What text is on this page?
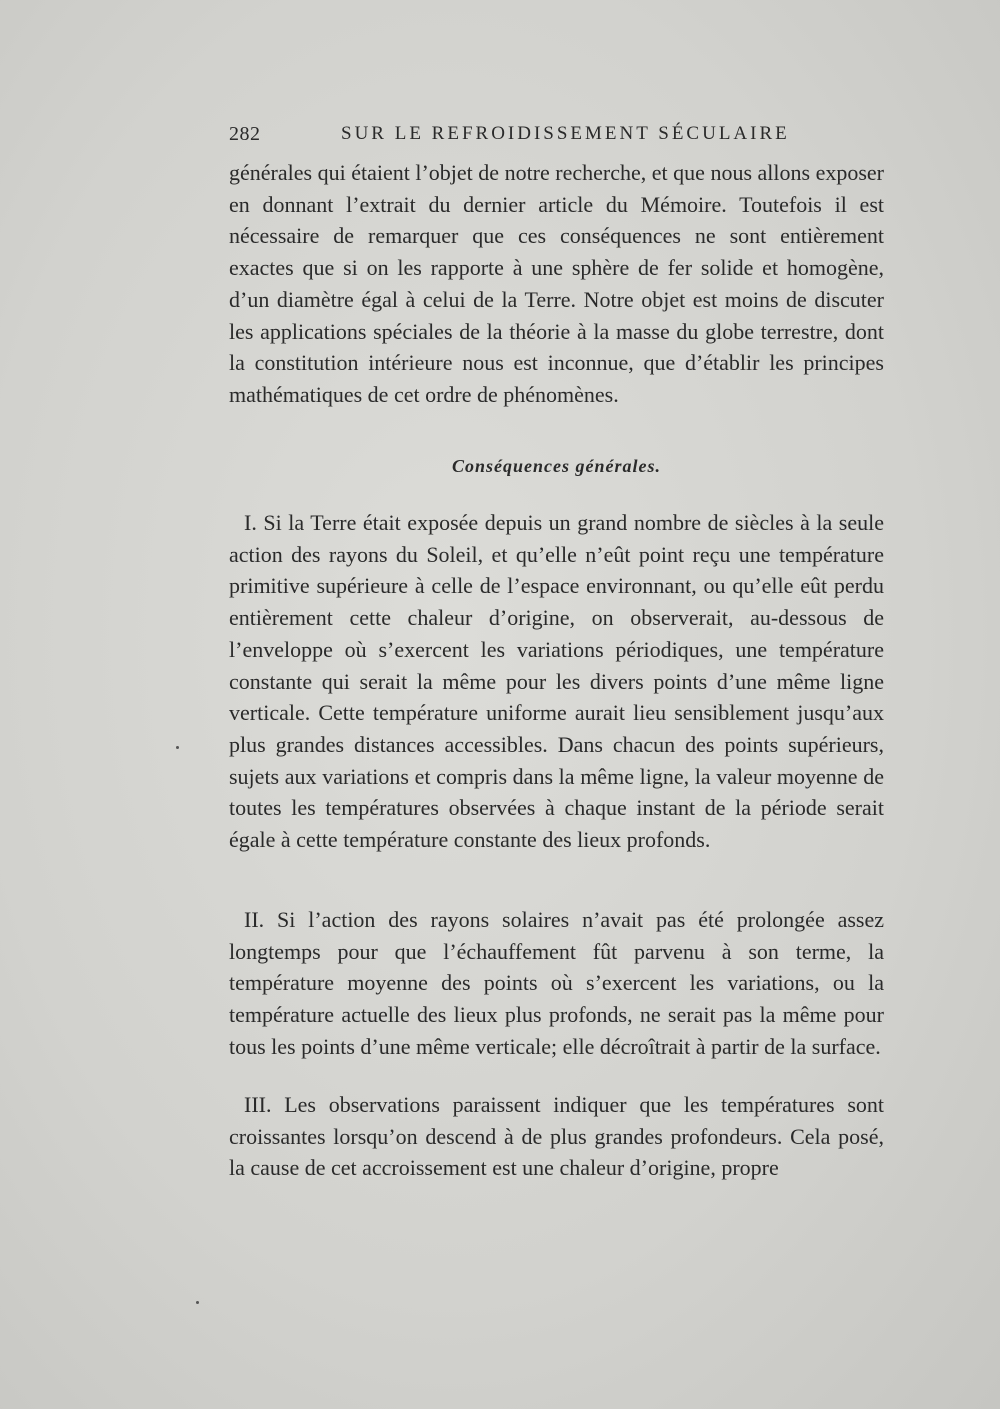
282	SUR LE REFROIDISSEMENT SÉCULAIRE

générales qui étaient l’objet de notre recherche, et que nous allons exposer en donnant l’extrait du dernier article du Mémoire. Toutefois il est nécessaire de remarquer que ces conséquences ne sont entièrement exactes que si on les rapporte à une sphère de fer solide et homogène, d’un diamètre égal à celui de la Terre. Notre objet est moins de discuter les applications spéciales de la théorie à la masse du globe terrestre, dont la constitution intérieure nous est inconnue, que d’établir les principes mathématiques de cet ordre de phénomènes.

Conséquences générales.

I. Si la Terre était exposée depuis un grand nombre de siècles à la seule action des rayons du Soleil, et qu’elle n’eût point reçu une température primitive supérieure à celle de l’espace environnant, ou qu’elle eût perdu entièrement cette chaleur d’origine, on observerait, au-dessous de l’enveloppe où s’exercent les variations périodiques, une température constante qui serait la même pour les divers points d’une même ligne verticale. Cette température uniforme aurait lieu sensiblement jusqu’aux plus grandes distances accessibles. Dans chacun des points supérieurs, sujets aux variations et compris dans la même ligne, la valeur moyenne de toutes les températures observées à chaque instant de la période serait égale à cette température constante des lieux profonds.

II. Si l’action des rayons solaires n’avait pas été prolongée assez longtemps pour que l’échauffement fût parvenu à son terme, la température moyenne des points où s’exercent les variations, ou la température actuelle des lieux plus profonds, ne serait pas la même pour tous les points d’une même verticale; elle décroîtrait à partir de la surface.

III. Les observations paraissent indiquer que les températures sont croissantes lorsqu’on descend à de plus grandes profondeurs. Cela posé, la cause de cet accroissement est une chaleur d’origine, propre
